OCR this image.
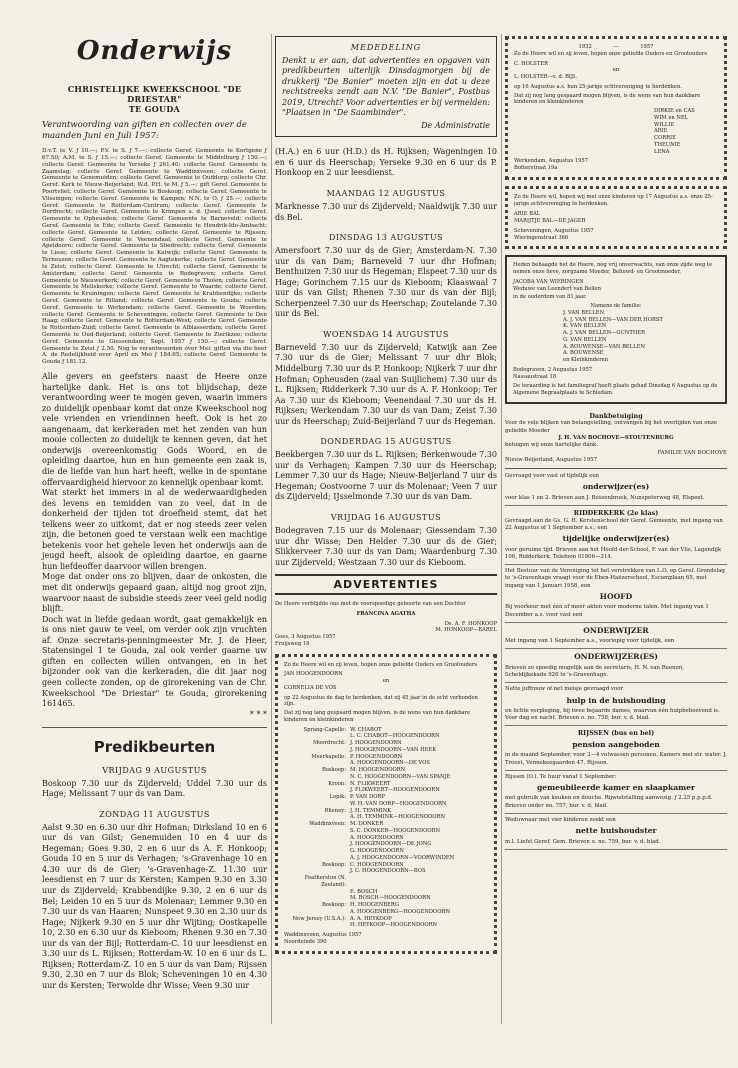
Onderwijs
CHRISTELIJKE KWEEKSCHOOL "DE DRIESTAR"
TE GOUDA
Verantwoording van giften en collecten over de maanden Juni en Juli 1957:

D.v.T. te V. ƒ 10.—; P.V. te S. ƒ 7.—; collecte Geref. Gemeente te Kortgene ƒ 67.50; A.M. te S. ƒ 15.—; collecte Geref. Gemeente te Middelburg ƒ 150.—; collecte Geref. Gemeente te Yerseke ƒ 261.40; collecte Geref. Gemeente te Zaamslag; collecte Geref. Gemeente te Waddinxveen; collecte Geref. Gemeente te Genemuiden; collecte Geref. Gemeente te Ouddorp; collecte Chr. Geref. Kerk te Nieuw-Beijerland; W.d. P.H. te M. ƒ 5.—; gift Geref. Gemeente te Poortvliet; collecte Geref. Gemeente te Boskoop; collecte Geref. Gemeente te Vlissingen; collecte Geref. Gemeente te Kampen; N.N. te O. ƒ 25.—; collecte Geref. Gemeente te Rotterdam-Centrum; collecte Geref. Gemeente te Dordrecht; collecte Geref. Gemeente te Krimpen a. d. IJssel; collecte Geref. Gemeente te Opheusden; collecte Geref. Gemeente te Barneveld; collecte Geref. Gemeente te Ede; collecte Geref. Gemeente te Hendrik-Ido-Ambacht; collecte Geref. Gemeente te Leiden; collecte Geref. Gemeente te Rijssen; collecte Geref. Gemeente te Veenendaal; collecte Geref. Gemeente te Apeldoorn; collecte Geref. Gemeente te Sliedrecht; collecte Geref. Gemeente te Lisse; collecte Geref. Gemeente te Katwijk; collecte Geref. Gemeente te Terneuzen; collecte Geref. Gemeente te Aagtekerke; collecte Geref. Gemeente te Zeist; collecte Geref. Gemeente te Utrecht; collecte Geref. Gemeente te Amsterdam; collecte Geref. Gemeente te Bodegraven; collecte Geref. Gemeente te Nieuwerkerk; collecte Geref. Gemeente te Tholen; collecte Geref. Gemeente te Meliskerke; collecte Geref. Gemeente te Waarde; collecte Geref. Gemeente te Kruiningen; collecte Geref. Gemeente te Krabbendijke; collecte Geref. Gemeente te Rilland; collecte Geref. Gemeente te Gouda; collecte Geref. Gemeente te Werkendam; collecte Geref. Gemeente te Woerden; collecte Geref. Gemeente te Scheveningen; collecte Geref. Gemeente te Den Haag; collecte Geref. Gemeente te Rotterdam-West; collecte Geref. Gemeente te Rotterdam-Zuid; collecte Geref. Gemeente te Alblasserdam; collecte Geref. Gemeente te Oud-Beijerland; collecte Geref. Gemeente te Zierikzee; collecte Geref. Gemeente te Giessendam; Sept. 1957 ƒ 150.—; collecte Geref. Gemeente te Zeist ƒ 2.50. Nog te verantwoorden over Mei: giften via die heer A. de Redelijkheid over April en Mei ƒ 184.65; collecte Geref. Gemeente te Gouda ƒ 181.12.

Alle gevers en geefsters naast de Heere onze hartelijke dank. Het is ons tot blijdschap, deze verantwoording weer te mogen geven, waarin immers zo duidelijk openbaar komt dat onze Kweekschool nog vele vrienden en vriendinnen heeft. Ook is het zo aangenaam, dat kerkeraden met het zenden van hun mooie collecten zo duidelijk te kennen geven, dat het onderwijs overeenkomstig Gods Woord, en de opleiding daartoe, hun en hun gemeente een zaak is, die de liefde van hun hart heeft, welke in de spontane offervaardigheid hiervoor zo kennelijk openbaar komt.

Wat sterkt het immers in al de wederwaardigheden des levens en temidden van zo veel, dat in de donkerheid der tijden tot droefheid stemt, dat het telkens weer zo uitkomt, dat er nog steeds zeer velen zijn, die betonen goed te verstaan welk een machtige betekenis voor het gehele leven het onderwijs aan de jeugd heeft, alsook de opleiding daartoe, en gaarne hun liefdeoffer daarvoor willen brengen.

Moge dat onder ons zo blijven, daar de onkosten, die met dit onderwijs gepaard gaan, altijd nog groot zijn, waarvoor naast de subsidie steeds zeer veel geld nodig blijft.

Doch wat in liefde gedaan wordt, gaat gemakkelijk en is ons niet gauw te veel, om verder ook zijn vruchten af. Onze secretaris-penningmeester Mr. J. de Heer, Statensingel 1 te Gouda, zal ook verder gaarne uw giften en collecten willen ontvangen, en in het bijzonder ook van die kerkeraden, die dit jaar nog geen collecte zonden, op de girorekening van de Chr. Kweekschool "De Driestar" te Gouda, girorekening 161465.

* * *
Predikbeurten
VRIJDAG 9 AUGUSTUS

Boskoop 7.30 uur ds Zijderveld; Uddel 7.30 uur ds Hage; Melissant 7 uur ds van Dam.

ZONDAG 11 AUGUSTUS

Aalst 9.30 en 6.30 uur dhr Hofman; Dirksland 10 en 6 uur ds van Gilst; Genemuiden 10 en 4 uur ds Hegeman; Goes 9.30, 2 en 6 uur ds A. F. Honkoop; Gouda 10 en 5 uur ds Verhagen; 's-Gravenhage 10 en 4.30 uur ds de Gier; 's-Gravenhage-Z. 11.30 uur leesdienst en 7 uur ds Kersten; Kampen 9.30 en 3.30 uur ds Zijderveld; Krabbendijke 9.30, 2 en 6 uur ds Bel; Leiden 10 en 5 uur ds Molenaar; Lemmer 9.30 en 7.30 uur ds van Haaren; Nunspeet 9.30 en 2.30 uur ds Hage; Nijkerk 9.30 en 5 uur dhr Wijting; Oostkapelle 10, 2.30 en 6.30 uur ds Kieboom; Rhenen 9.30 en 7.30 uur ds van der Bijl; Rotterdam-C. 10 uur leesdienst en 3.30 uur ds L. Rijksen; Rotterdam-W. 10 en 6 uur ds L. Rijksen; Rotterdam-Z. 10 en 5 uur ds van Dam; Rijssen 9.30, 2.30 en 7 uur ds Blok; Scheveningen 10 en 4.30 uur ds Kersten; Terwolde dhr Wisse; Veen 9.30 uur

MEDEDELING
Denkt u er aan, dat advertenties en opgaven van predikbeurten uiterlijk Dinsdagmorgen bij de drukkerij "De Banier" moeten zijn en dat u deze rechtstreeks zendt aan N.V. "De Banier", Postbus 2019, Utrecht? Voor advertenties er bij vermelden: "Plaatsen in "De Saambinder".
De Administratie

(H.A.) en 6 uur (H.D.) ds H. Rijksen; Wageningen 10 en 6 uur ds Heerschap; Yerseke 9.30 en 6 uur ds P. Honkoop en 2 uur leesdienst.

MAANDAG 12 AUGUSTUS

Marknesse 7.30 uur ds Zijderveld; Naaldwijk 7.30 uur ds Bel.

DINSDAG 13 AUGUSTUS

Amersfoort 7.30 uur ds de Gier; Amsterdam-N. 7.30 uur ds van Dam; Barneveld 7 uur dhr Hofman; Benthuizen 7.30 uur ds Hegeman; Elspeet 7.30 uur ds Hage; Gorinchem 7.15 uur ds Kieboom; Klaaswaal 7 uur ds van Gilst; Rhenen 7.30 uur ds van der Bijl; Scherpenzeel 7.30 uur ds Heerschap; Zoutelande 7.30 uur ds Bel.

WOENSDAG 14 AUGUSTUS

Barneveld 7.30 uur ds Zijderveld; Katwijk aan Zee 7.30 uur ds de Gier; Melissant 7 uur dhr Blok; Middelburg 7.30 uur ds P. Honkoop; Nijkerk 7 uur dhr Hofman; Opheusden (zaal van Suijlichem) 7.30 uur ds L. Rijksen; Ridderkerk 7.30 uur ds A. F. Honkoop; Ter Aa 7.30 uur ds Kieboom; Veenendaal 7.30 uur ds H. Rijksen; Werkendam 7.30 uur ds van Dam; Zeist 7.30 uur ds Heerschap; Zuid-Beijerland 7 uur ds Hegeman.

DONDERDAG 15 AUGUSTUS

Beekbergen 7.30 uur ds L. Rijksen; Berkenwoude 7.30 uur ds Verhagen; Kampen 7.30 uur ds Heerschap; Lemmer 7.30 uur ds Hage; Nieuw-Beijerland 7 uur ds Hegeman; Oostvoorne 7 uur ds Molenaar; Veen 7 uur ds Zijderveld; IJsselmonde 7.30 uur ds van Dam.

VRIJDAG 16 AUGUSTUS

Bodegraven 7.15 uur ds Molenaar; Giessendam 7.30 uur dhr Wisse; Den Helder 7.30 uur ds de Gier; Slikkerveer 7.30 uur ds van Dam; Waardenburg 7.30 uur Zijderveld; Westzaan 7.30 uur ds Kieboom.

ADVERTENTIES
De Heere verblijdde ons met de voorspoedige geboorte van een Dochter
FRANCINA AGATHA
Ds. A. F. HONKOOP
M. HONKOOP—BAREL
Goes, 3 Augustus 1957
Fruijsweg 18
Zo de Heere wil en zij leven, hopen onze geliefde Ouders en Grootouders
JAN HOOGENDOORN
en
CORNELIA DE VOS
op 22 Augustus de dag te herdenken, dat zij 45 jaar in de echt verbonden zijn.
Dat zij nog lang gespaard mogen blijven, is de wens van hun dankbare kinderen en kleinkinderen
Sprang-Capelle: W. CHABOT
L. C. CHABOT—HOOGENDOORN
Moordrecht: J. HOOGENDOORN
J. HOOGENDOORN—VAN HEEK
Moerkapelle: P. HOOGENDOORN
A. HOOGENDOORN—DE VOS
Boskoop: M. HOOGENDOORN
N. C. HOOGENDOORN—VAN SPANJE
Kroon: N. FLIKWEERT
J. FLIKWEERT—HOOGENDOORN
Lopik: P. VAN DORP
W. H. VAN DORP—HOOGENDOORN
Rhenoy: J. H. TEMMINK
A. H. TEMMINK—HOOGENDOORN
Waddinxveen: M. DONKER
S. C. DONKER—HOOGENDOORN
A. HOOGENDOORN
J. HOOGENDOORN—DE JONG
G. HOOGENDOORN
A. J. HOOGENDOORN—VOORWINDEN
Boskoop: C. HOOGENDOORN
J. C. HOOGENDOORN—BOS
Featherston (N. Zeeland):
E. BOSCH
M. BOSCH—HOOGENDOORN
Boskoop: H. HOOGENBERG
A. HOOGENBERG—HOOGENDOORN
New Jersey (U.S.A.): A. A. HEYKOOP
H. HEYKOOP—HOOGENDOORN
Waddinxveen, Augustus 1957
Noordeinde 390
1932	—	1957
Zo de Heere wil en zij leven, hopen onze geliefde Ouders en Grootouders
C. HOLSTER
en
L. HOLSTER—v. d. BIJL
op 16 Augustus a.s. hun 25-jarige echtvereniging te herdenken.
Dat zij nog lang gespaard mogen blijven, is de wens van hun dankbare kinderen en kleinkinderen
DIRKIE en CAS
WIM en NEL
WILLIE
ARIE
CORRIE
THEUNIE
LENA
Werkendam, Augustus 1957
Botterstraat 19a
Zo de Heere wil, hopen wij met onze kinderen op 17 Augustus a.s. onze 25-jarige echtvereniging te herdenken.
ARIE BAL
MARIJTJE BAL—DE JAGER
Scheveningen, Augustus 1957
Wieringenstraat 366
Heden behaagde het de Heere, nog vrij onverwachts, van onze zijde weg te nemen onze lieve, zorgzame Moeder, Behuwd- en Grootmoeder,
JACOBA VAN WIERINGEN
Weduwe van Leendert van Bellen
in de ouderdom van 81 jaar.
Namens de familie:
J. VAN BELLEN
A. J. VAN BELLEN—VAN DER HORST
K. VAN BELLEN
A. J. VAN BELLEN—GUNTHER
G. VAN BELLEN
A. BOUWENSE—VAN BELLEN
A. BOUWENSE
en Kleinkinderen
Bodegraven, 2 Augustus 1957
Nassaustraat 18
De teraarding is het familiegraf heeft plaats gehad Dinsdag 6 Augustus op de Algemene Begraafplaats te Schiedam.
Dankbetuiging
Voor de vele blijken van belangstelling, ontvangen bij het overlijden van onze geliefde Moeder
J. H. VAN BOCHOVE—STOUTENBURG
betuigen wij onze hartelijke dank.
FAMILIE VAN BOCHOVE
Nieuw-Beijerland, Augustus 1957
Gevraagd voor vast of tijdelijk een
onderwijzer(es)
voor klas 1 en 2. Brieven aan J. Bossenbroek, Nunspeterweg 48, Elspeet.
RIDDERKERK (2e klas)
Gevraagd aan de Gs. G. H. Kerstenschool der Geref. Gemeente, met ingang van 22 Augustus of 1 September a.s., een
tijdelijke onderwijzer(es)
voor geruime tijd. Brieven aan het Hoofd der School, F. van der Vlis, Lagendijk 106, Ridderkerk, Telefoon 01806—314.
Het Bestuur van de Vereniging tot het verstrekken van L.O. op Geref. Grondslag te 's-Gravenhage vraagt voor de Eben-Haëzerschool, Escamplaan 65, met ingang van 1 Januari 1958, een
HOOFD
Bij voorkeur met één of meer akten voor moderne talen. Met ingang van 1 December a.s. voor vast een
ONDERWIJZER
Met ingang van 1 September a.s., voorlopig voor tijdelijk, een
ONDERWIJZER(ES)
Brieven zo spoedig mogelijk aan de secretaris, H. N. van Reenen, Scheldijkekade 926 te 's-Gravenhage.
Nette juffrouw of net meisje gevraagd voor
hulp in de huishouding
en lichte verpleging, bij twee bejaarde dames, waarvan één hulpbehoevend is. Voor dag en nacht. Brieven o. no. 758, bur. v. d. blad.
RIJSSEN (bus en bel)
pension aangeboden
in de maand September, voor 2—4 volwassen personen. Kamers met str. water. J. Troost, Vennekeegaarden 47, Rijssen.
Rijssen (O.). Te huur vanaf 1 September:
gemeubileerde kamer en slaapkamer
met gebruik van keuken en douche. Rijwielstalling aanwezig. ƒ 2.25 p.p.p.d. Brieven onder no. 757, bur. v. d. blad.
Weduwnaar met vier kinderen zoekt een
nette huishoudster
m.l. Liefst Geref. Gem. Brieven o. no. 759, bur. v. d. blad.
